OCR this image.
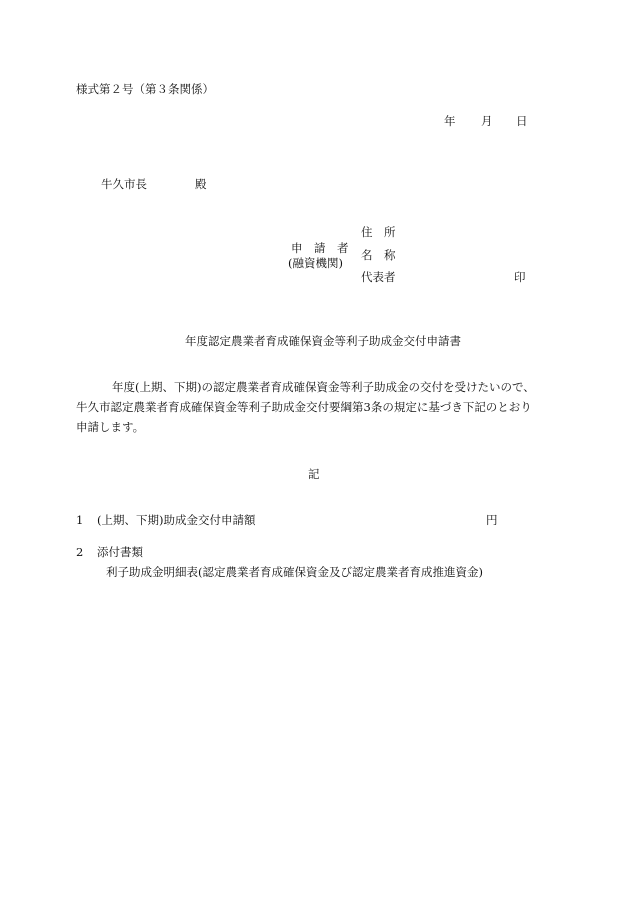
様式第２号（第３条関係）
年 月 日
牛久市長	殿
申　請　者
(融資機関)
住　所
名　称
代表者	印
年度認定農業者育成確保資金等利子助成金交付申請書

年度(上期、下期)の認定農業者育成確保資金等利子助成金の交付を受けたいので、

牛久市認定農業者育成確保資金等利子助成金交付要綱第3条の規定に基づき下記のとおり

申請します。

記
1 (上期、下期)助成金交付申請額	円
2 添付書類
利子助成金明細表(認定農業者育成確保資金及び認定農業者育成推進資金)
